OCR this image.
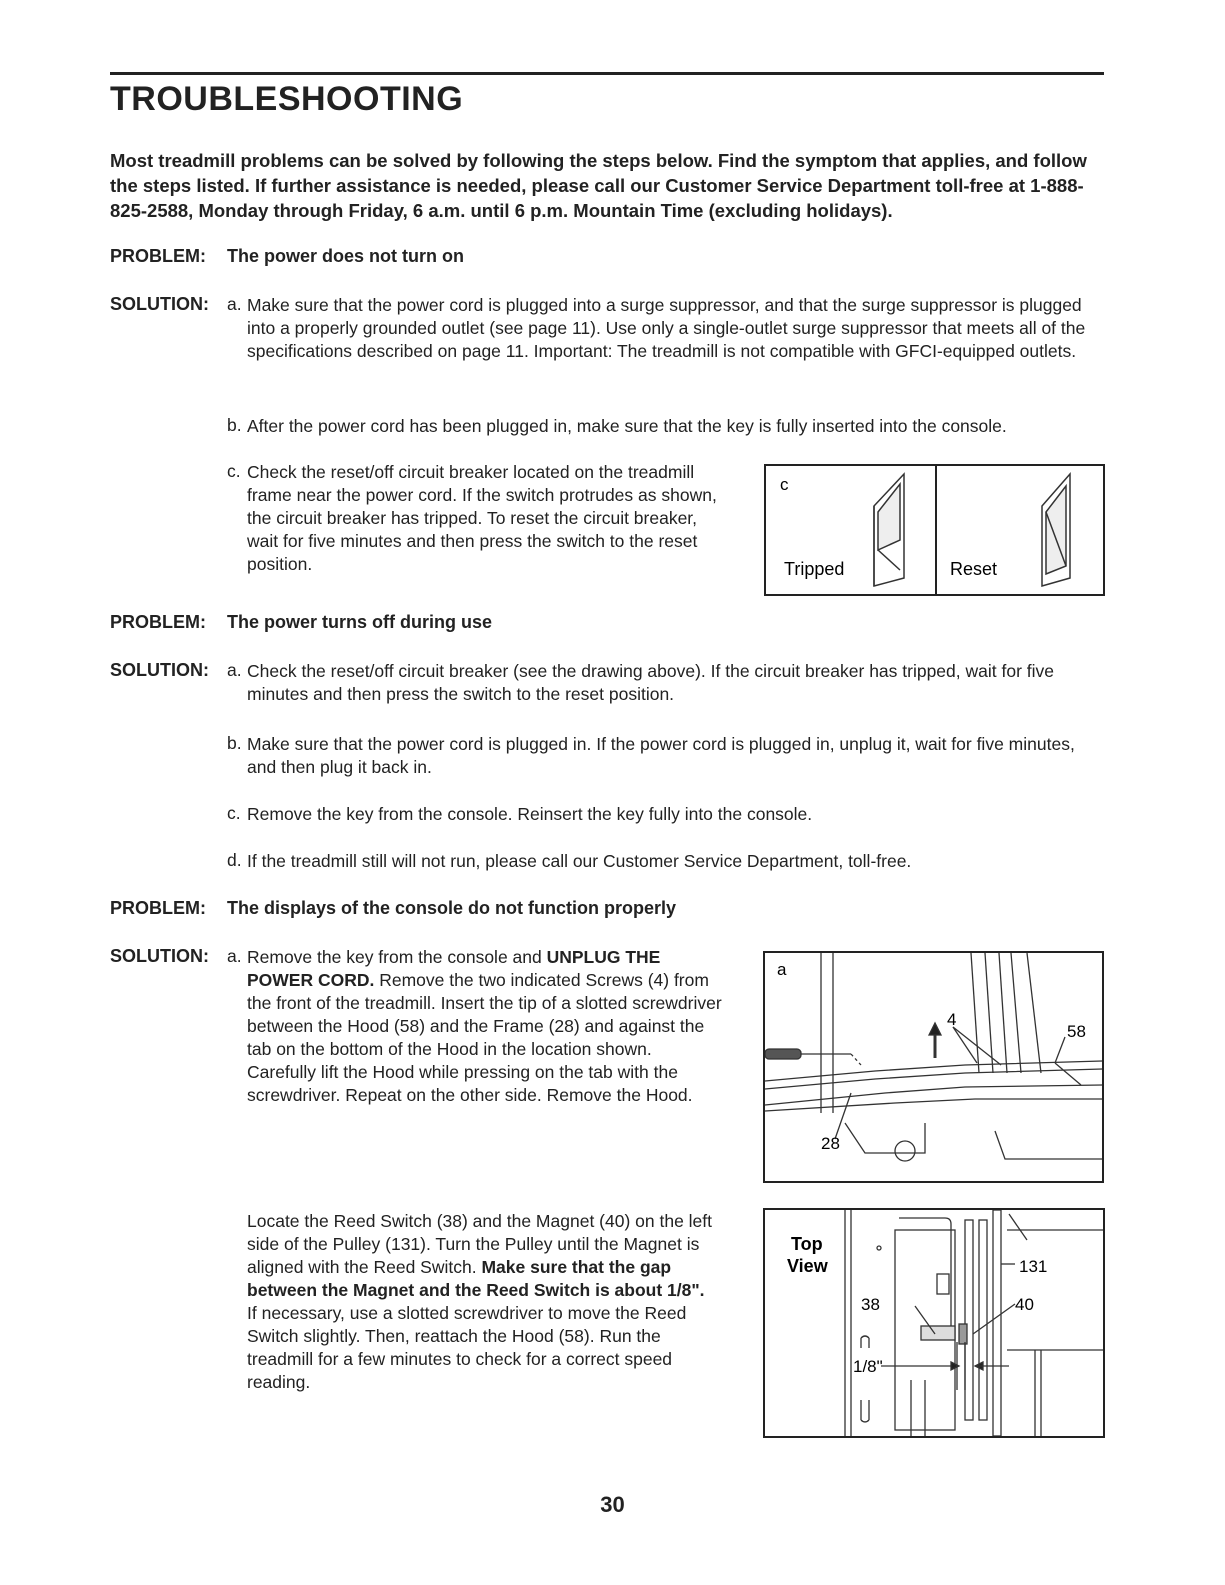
TROUBLESHOOTING
Most treadmill problems can be solved by following the steps below. Find the symptom that applies, and follow the steps listed. If further assistance is needed, please call our Customer Service Department toll-free at 1-888-825-2588, Monday through Friday, 6 a.m. until 6 p.m. Mountain Time (excluding holidays).
PROBLEM: The power does not turn on
SOLUTION: a. Make sure that the power cord is plugged into a surge suppressor, and that the surge suppressor is plugged into a properly grounded outlet (see page 11). Use only a single-outlet surge suppressor that meets all of the specifications described on page 11. Important: The treadmill is not compatible with GFCI-equipped outlets.
b. After the power cord has been plugged in, make sure that the key is fully inserted into the console.
c. Check the reset/off circuit breaker located on the treadmill frame near the power cord. If the switch protrudes as shown, the circuit breaker has tripped. To reset the circuit breaker, wait for five minutes and then press the switch to the reset position.
c
Tripped	Reset
PROBLEM: The power turns off during use
SOLUTION: a. Check the reset/off circuit breaker (see the drawing above). If the circuit breaker has tripped, wait for five minutes and then press the switch to the reset position.
b. Make sure that the power cord is plugged in. If the power cord is plugged in, unplug it, wait for five minutes, and then plug it back in.
c. Remove the key from the console. Reinsert the key fully into the console.
d. If the treadmill still will not run, please call our Customer Service Department, toll-free.
PROBLEM: The displays of the console do not function properly
SOLUTION: a. Remove the key from the console and UNPLUG THE POWER CORD. Remove the two indicated Screws (4) from the front of the treadmill. Insert the tip of a slotted screwdriver between the Hood (58) and the Frame (28) and against the tab on the bottom of the Hood in the location shown. Carefully lift the Hood while pressing on the tab with the screwdriver. Repeat on the other side. Remove the Hood.
Locate the Reed Switch (38) and the Magnet (40) on the left side of the Pulley (131). Turn the Pulley until the Magnet is aligned with the Reed Switch. Make sure that the gap between the Magnet and the Reed Switch is about 1/8". If necessary, use a slotted screwdriver to move the Reed Switch slightly. Then, reattach the Hood (58). Run the treadmill for a few minutes to check for a correct speed reading.
a
4
58
28
Top
View	131
38	40
1/8"
30
